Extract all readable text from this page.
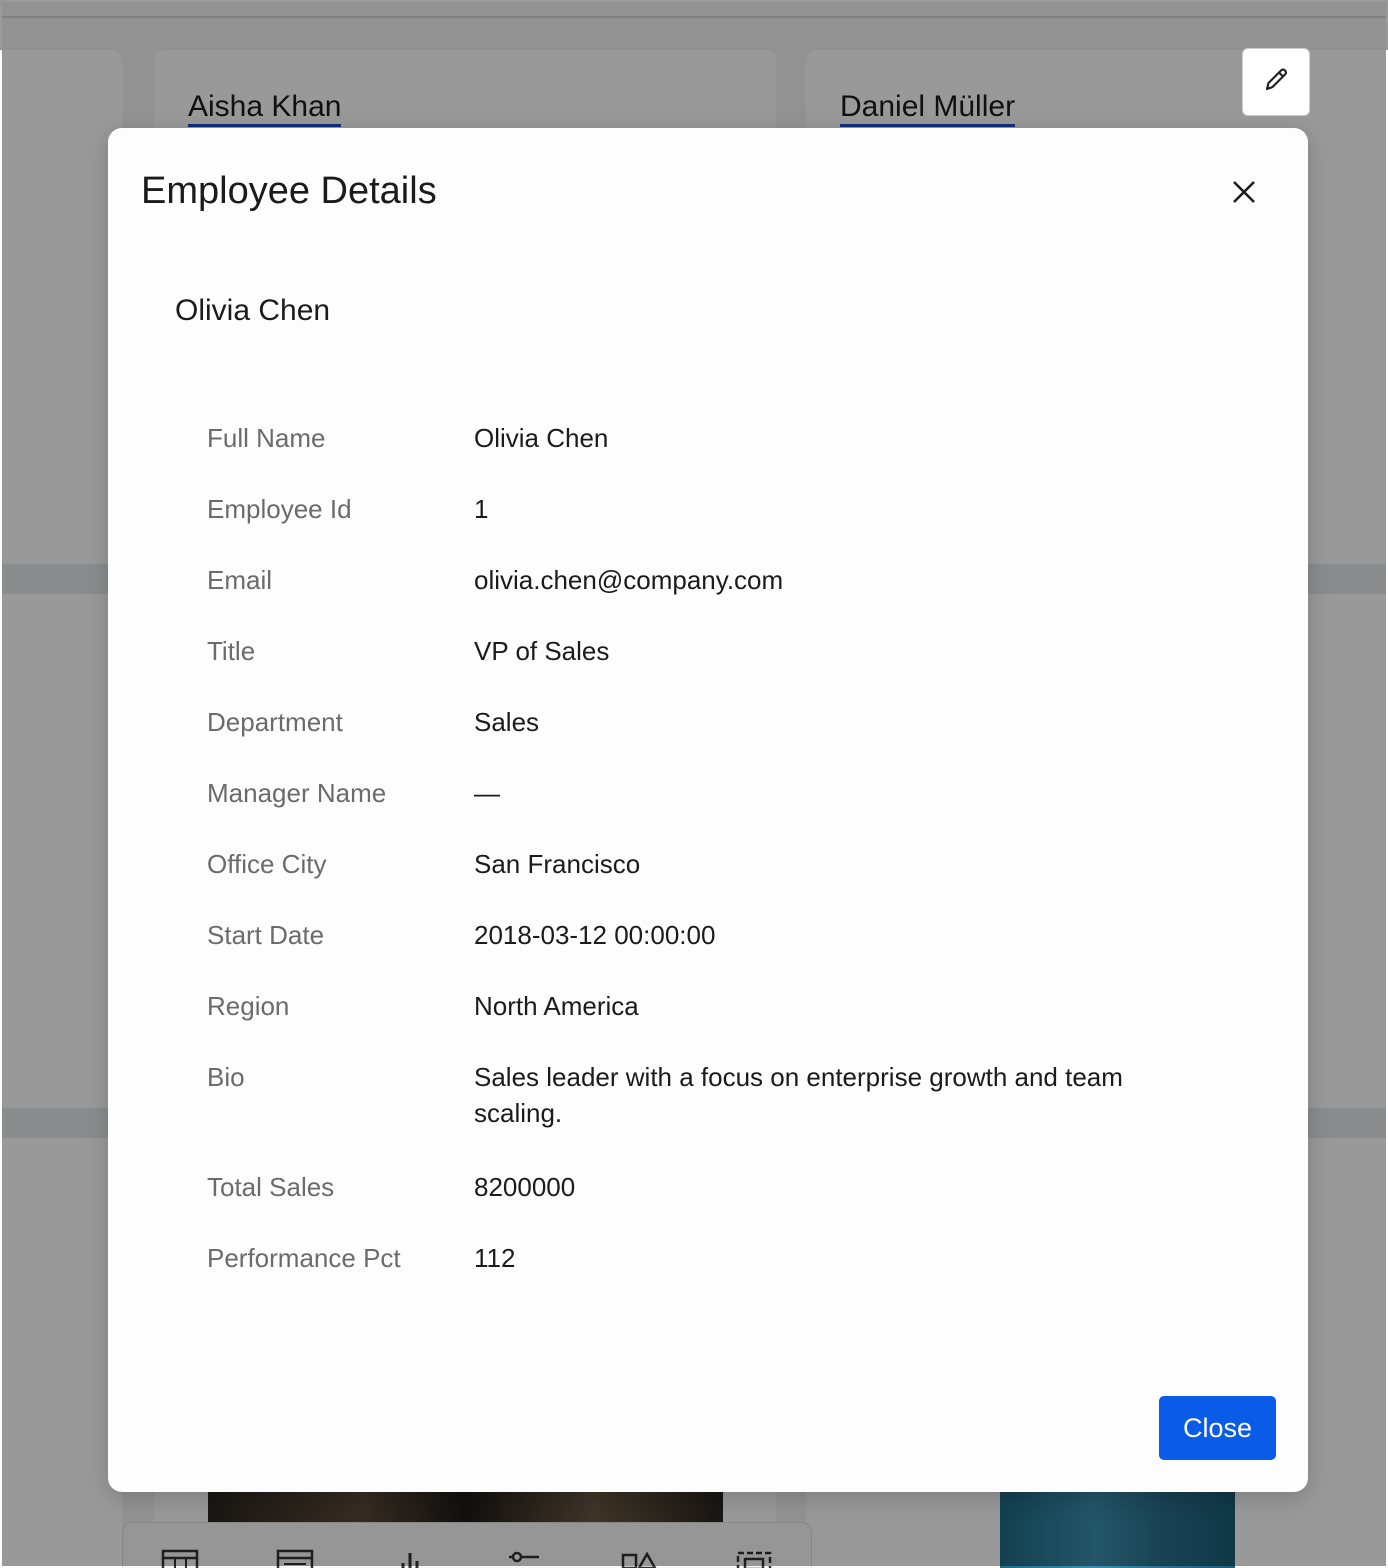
Aisha Khan	Daniel Müller
Employee Details
Olivia Chen
Full Name	Olivia Chen
Employee Id	1
Email	olivia.chen@company.com
Title	VP of Sales
Department	Sales
Manager Name	—
Office City	San Francisco
Start Date	2018-03-12 00:00:00
Region	North America
Bio	Sales leader with a focus on enterprise growth and team scaling.
Total Sales	8200000
Performance Pct	112
Close
